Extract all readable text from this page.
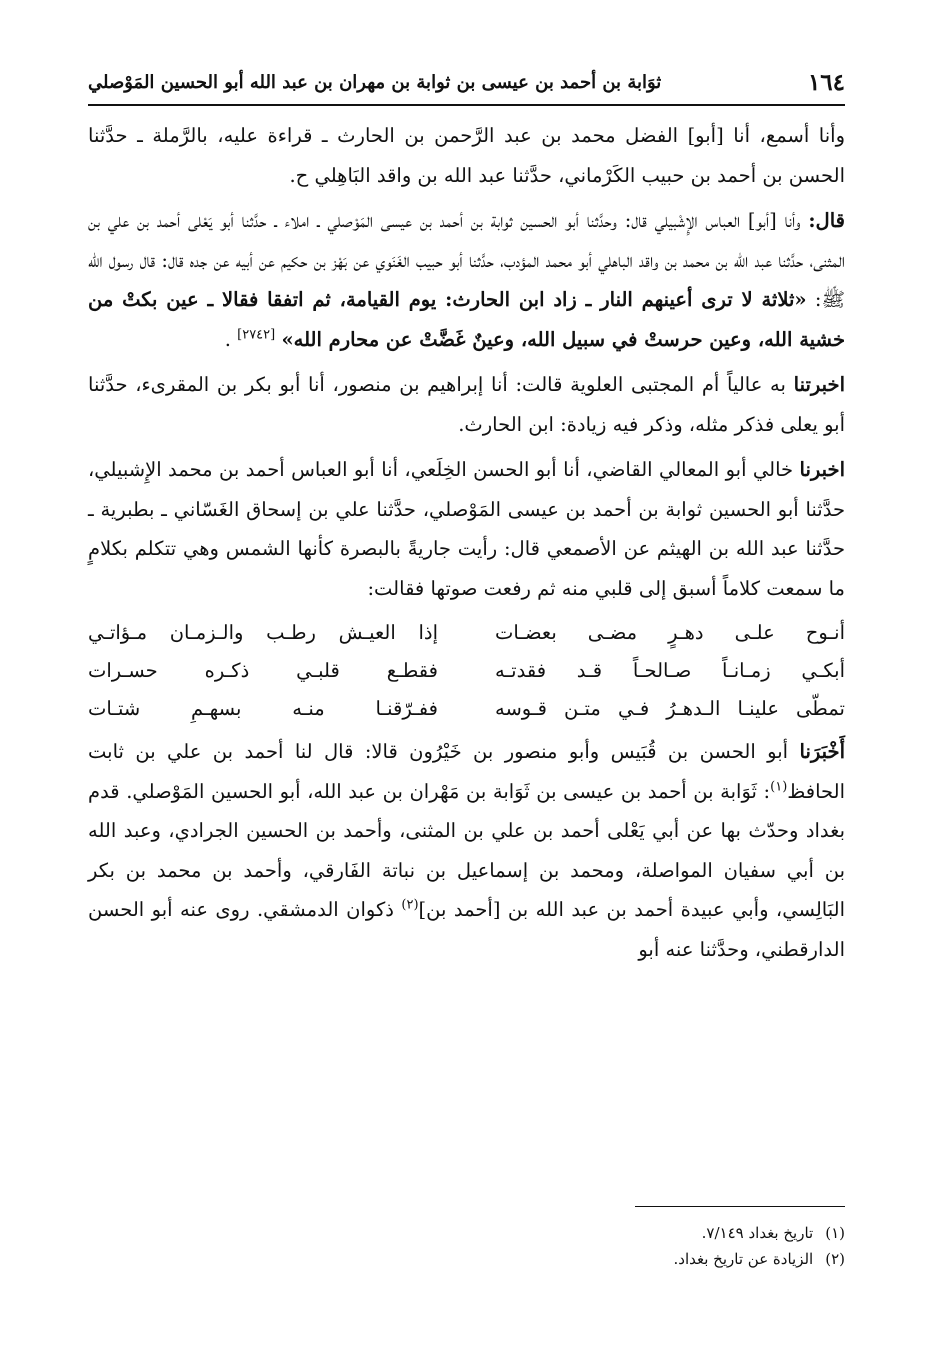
١٦٤
ثوَابة بن أحمد بن عيسى بن ثوابة بن مهران بن عبد الله أبو الحسين المَوْصلي

وأنا أسمع، أنا [أبو] الفضل محمد بن عبد الرَّحمن بن الحارث ـ قراءة عليه، بالرَّملة ـ حدَّثنا الحسن بن أحمد بن حبيب الكَرْماني، حدَّثنا عبد الله بن واقد البَاهِلي ح.

قال: وأنا [أبو] العباس الإِشْبيلي قال: وحدَّثنا أبو الحسين ثوابة بن أحمد بن عيسى المَوْصلي ـ املاء ـ حدَّثنا أبو يَعْلى أحمد بن علي بن المثنى، حدَّثنا عبد الله بن محمد بن واقد الباهلي أبو محمد المؤدب، حدَّثنا أبو حبيب الغَنَوي عن بَهْز بن حكيم عن أبيه عن جده قال: قال رسول الله ﷺ: «ثلاثة لا ترى أعينهم النار ـ زاد ابن الحارث: يوم القيامة، ثم اتفقا فقالا ـ عين بكتْ من خشية الله، وعين حرستْ في سبيل الله، وعينٌ غَضَّتْ عن محارم الله» [٢٧٤٢] .

اخبرتنا به عالياً أم المجتبى العلوية قالت: أنا إبراهيم بن منصور، أنا أبو بكر بن المقرىء، حدَّثنا أبو يعلى فذكر مثله، وذكر فيه زيادة: ابن الحارث.

اخبرنا خالي أبو المعالي القاضي، أنا أبو الحسن الخِلَعي، أنا أبو العباس أحمد بن محمد الإِشبيلي، حدَّثنا أبو الحسين ثوابة بن أحمد بن عيسى المَوْصلي، حدَّثنا علي بن إسحاق الغَسّاني ـ بطبرية ـ حدَّثنا عبد الله بن الهيثم عن الأصمعي قال: رأيت جاريةً بالبصرة كأنها الشمس وهي تتكلم بكلامٍ ما سمعت كلاماً أسبق إلى قلبي منه ثم رفعت صوتها فقالت:

أنـوح علـى دهـرٍ مضـى بعضـات
إذا العيـش رطـب والـزمـان مـؤاتـي
أبكـي زمـانـاً صـالحـاً قـد فقدتـه
فقطـع قلبـي ذكـره حسـرات
تمطّى علينـا الـدهـرُ فـي متـن قـوسه
ففـرّقنـا منـه بسهـمِ شتـات

أَخْبَرَنا أبو الحسن بن قُبَيس وأبو منصور بن خَيْرُون قالا: قال لنا أحمد بن علي بن ثابت الحافظ$^{(١)}$: ثَوَابة بن أحمد بن عيسى بن ثَوَابة بن مَهْران بن عبد الله، أبو الحسين المَوْصلي. قدم بغداد وحدّث بها عن أبي يَعْلى أحمد بن علي بن المثنى، وأحمد بن الحسين الجرادي، وعبد الله بن أبي سفيان المواصلة، ومحمد بن إسماعيل بن نباتة الفَارقي، وأحمد بن محمد بن بكر البَالِسي، وأبي عبيدة أحمد بن عبد الله بن [أحمد بن]$^{(٢)}$ ذكوان الدمشقي. روى عنه أبو الحسن الدارقطني، وحدَّثنا عنه أبو

(١)
تاريخ بغداد ٧/١٤٩.
(٢)
الزيادة عن تاريخ بغداد.
